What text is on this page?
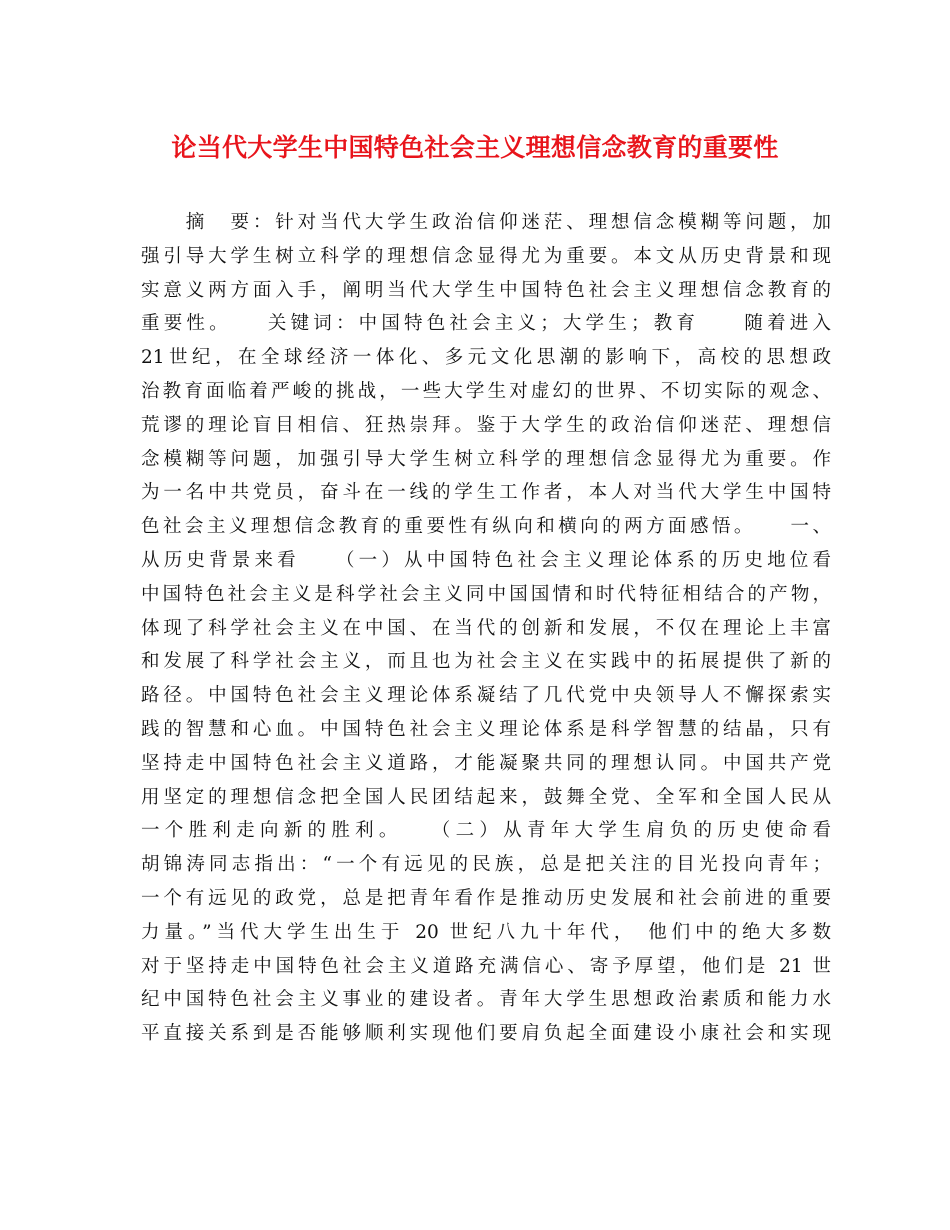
论当代大学生中国特色社会主义理想信念教育的重要性
　　摘　要：针对当代大学生政治信仰迷茫、理想信念模糊等问题，加
强引导大学生树立科学的理想信念显得尤为重要。本文从历史背景和现
实意义两方面入手，阐明当代大学生中国特色社会主义理想信念教育的
重要性。　　关键词：中国特色社会主义；大学生；教育　　随着进入
21世纪，在全球经济一体化、多元文化思潮的影响下，高校的思想政
治教育面临着严峻的挑战，一些大学生对虚幻的世界、不切实际的观念、
荒谬的理论盲目相信、狂热崇拜。鉴于大学生的政治信仰迷茫、理想信
念模糊等问题，加强引导大学生树立科学的理想信念显得尤为重要。作
为一名中共党员，奋斗在一线的学生工作者，本人对当代大学生中国特
色社会主义理想信念教育的重要性有纵向和横向的两方面感悟。　　一、
从历史背景来看　　（一）从中国特色社会主义理论体系的历史地位看
中国特色社会主义是科学社会主义同中国国情和时代特征相结合的产物，
体现了科学社会主义在中国、在当代的创新和发展，不仅在理论上丰富
和发展了科学社会主义，而且也为社会主义在实践中的拓展提供了新的
路径。中国特色社会主义理论体系凝结了几代党中央领导人不懈探索实
践的智慧和心血。中国特色社会主义理论体系是科学智慧的结晶，只有
坚持走中国特色社会主义道路，才能凝聚共同的理想认同。中国共产党
用坚定的理想信念把全国人民团结起来，鼓舞全党、全军和全国人民从
一个胜利走向新的胜利。　　（二）从青年大学生肩负的历史使命看
胡锦涛同志指出：“一个有远见的民族，总是把关注的目光投向青年；
一个有远见的政党，总是把青年看作是推动历史发展和社会前进的重要
力量。”当代大学生出生于 20 世纪八九十年代， 他们中的绝大多数
对于坚持走中国特色社会主义道路充满信心、寄予厚望，他们是 21 世
纪中国特色社会主义事业的建设者。青年大学生思想政治素质和能力水
平直接关系到是否能够顺利实现他们要肩负起全面建设小康社会和实现
